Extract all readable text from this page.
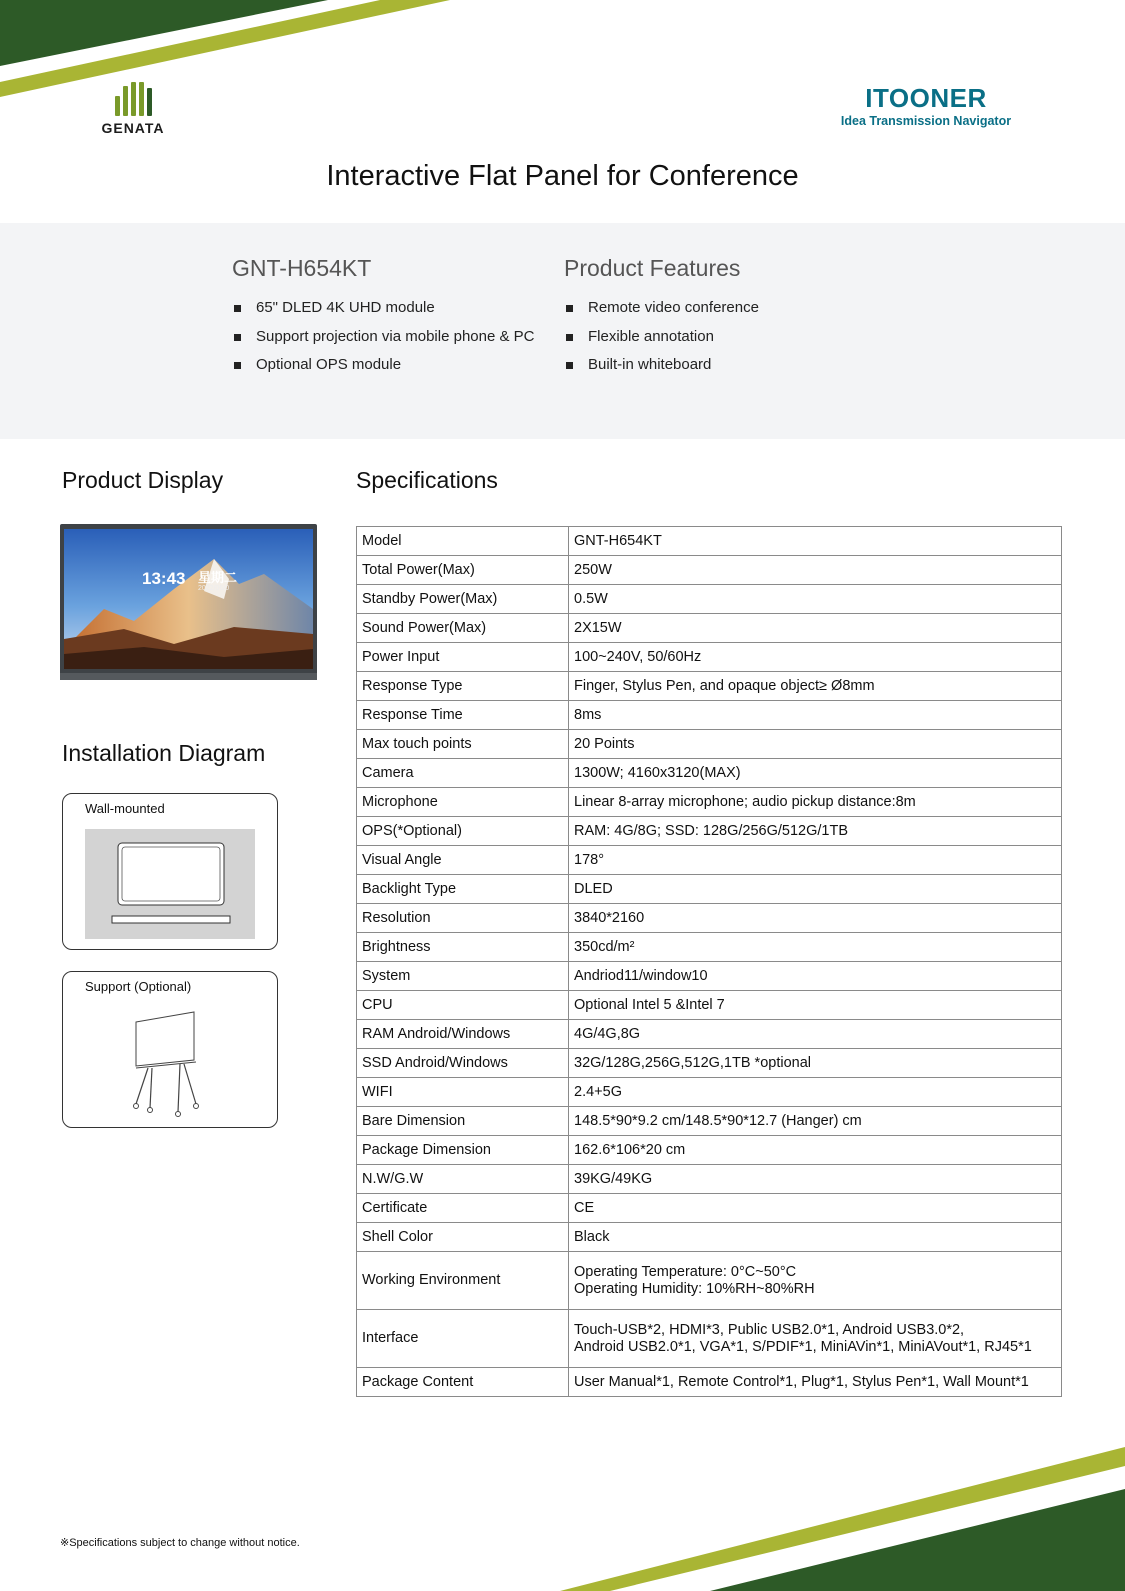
GENATA
ITOONER
Idea Transmission Navigator
Interactive Flat Panel for Conference
GNT-H654KT
65" DLED 4K UHD module
Support projection via mobile phone & PC
Optional OPS module
Product Features
Remote video conference
Flexible annotation
Built-in whiteboard
Product Display
13:43 星期二
2022/06/0
Installation Diagram
Wall-mounted
Support (Optional)
Specifications
Model	GNT-H654KT

Total Power(Max)	250W

Standby Power(Max)	0.5W

Sound Power(Max)	2X15W

Power Input	100~240V, 50/60Hz

Response Type	Finger, Stylus Pen, and opaque object≥ Ø8mm

Response Time	8ms

Max touch points	20 Points

Camera	1300W; 4160x3120(MAX)

Microphone	Linear 8-array microphone; audio pickup distance:8m

OPS(*Optional)	RAM: 4G/8G; SSD: 128G/256G/512G/1TB

Visual Angle	178°

Backlight Type	DLED

Resolution	3840*2160

Brightness	350cd/m²

System	Andriod11/window10

CPU	Optional Intel 5 &Intel 7

RAM Android/Windows	4G/4G,8G

SSD Android/Windows	32G/128G,256G,512G,1TB *optional

WIFI	2.4+5G

Bare Dimension	148.5*90*9.2 cm/148.5*90*12.7 (Hanger) cm

Package Dimension	162.6*106*20 cm

N.W/G.W	39KG/49KG

Certificate	CE

Shell Color	Black

Working Environment	Operating Temperature: 0°C~50°C
Operating Humidity: 10%RH~80%RH

Interface	Touch-USB*2, HDMI*3, Public USB2.0*1, Android USB3.0*2,
Android USB2.0*1, VGA*1, S/PDIF*1, MiniAVin*1, MiniAVout*1, RJ45*1

Package Content	User Manual*1, Remote Control*1, Plug*1, Stylus Pen*1, Wall Mount*1
※Specifications subject to change without notice.
